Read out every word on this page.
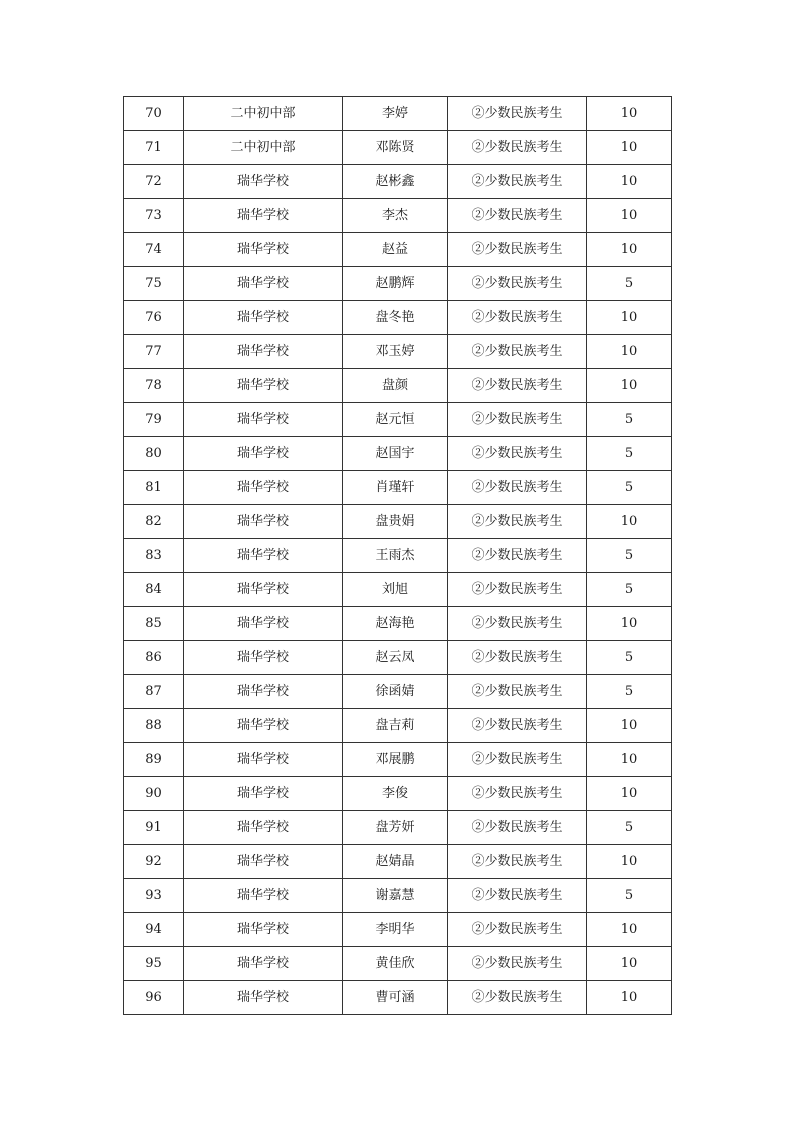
70	二中初中部	李婷	②少数民族考生	10
71	二中初中部	邓陈贤	②少数民族考生	10
72	瑞华学校	赵彬鑫	②少数民族考生	10
73	瑞华学校	李杰	②少数民族考生	10
74	瑞华学校	赵益	②少数民族考生	10
75	瑞华学校	赵鹏辉	②少数民族考生	5
76	瑞华学校	盘冬艳	②少数民族考生	10
77	瑞华学校	邓玉婷	②少数民族考生	10
78	瑞华学校	盘颜	②少数民族考生	10
79	瑞华学校	赵元恒	②少数民族考生	5
80	瑞华学校	赵国宇	②少数民族考生	5
81	瑞华学校	肖瑾轩	②少数民族考生	5
82	瑞华学校	盘贵娟	②少数民族考生	10
83	瑞华学校	王雨杰	②少数民族考生	5
84	瑞华学校	刘旭	②少数民族考生	5
85	瑞华学校	赵海艳	②少数民族考生	10
86	瑞华学校	赵云凤	②少数民族考生	5
87	瑞华学校	徐函婧	②少数民族考生	5
88	瑞华学校	盘吉莉	②少数民族考生	10
89	瑞华学校	邓展鹏	②少数民族考生	10
90	瑞华学校	李俊	②少数民族考生	10
91	瑞华学校	盘芳妍	②少数民族考生	5
92	瑞华学校	赵婧晶	②少数民族考生	10
93	瑞华学校	谢嘉慧	②少数民族考生	5
94	瑞华学校	李明华	②少数民族考生	10
95	瑞华学校	黄佳欣	②少数民族考生	10
96	瑞华学校	曹可涵	②少数民族考生	10
